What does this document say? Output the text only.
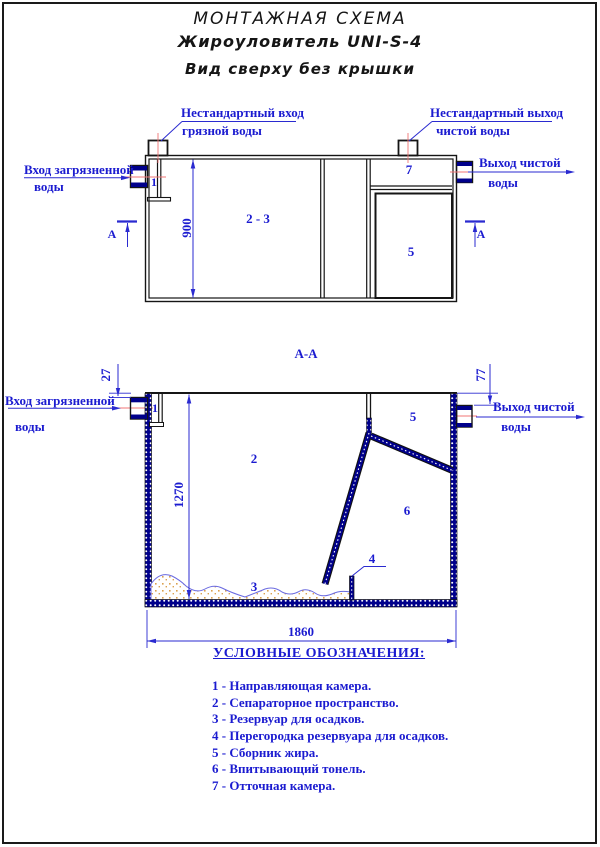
МОНТАЖНАЯ СХЕМА
Жироуловитель UNI-S-4
Вид сверху без крышки
Нестандартный вход
грязной воды
Вход загрязненной
воды
Нестандартный выход
чистой воды
Выход чистой
воды
900	2 - 3
7
5
1
А	А
А-А
Вход загрязненной
воды
Выход чистой
воды
27	77
1270
1860
1
2
5
6
3
4
УСЛОВНЫЕ ОБОЗНАЧЕНИЯ:
1 - Направляющая камера.
2 - Сепараторное пространство.
3 - Резервуар для осадков.
4 - Перегородка резервуара для осадков.
5 - Сборник жира.
6 - Впитывающий тонель.
7 - Отточная камера.
